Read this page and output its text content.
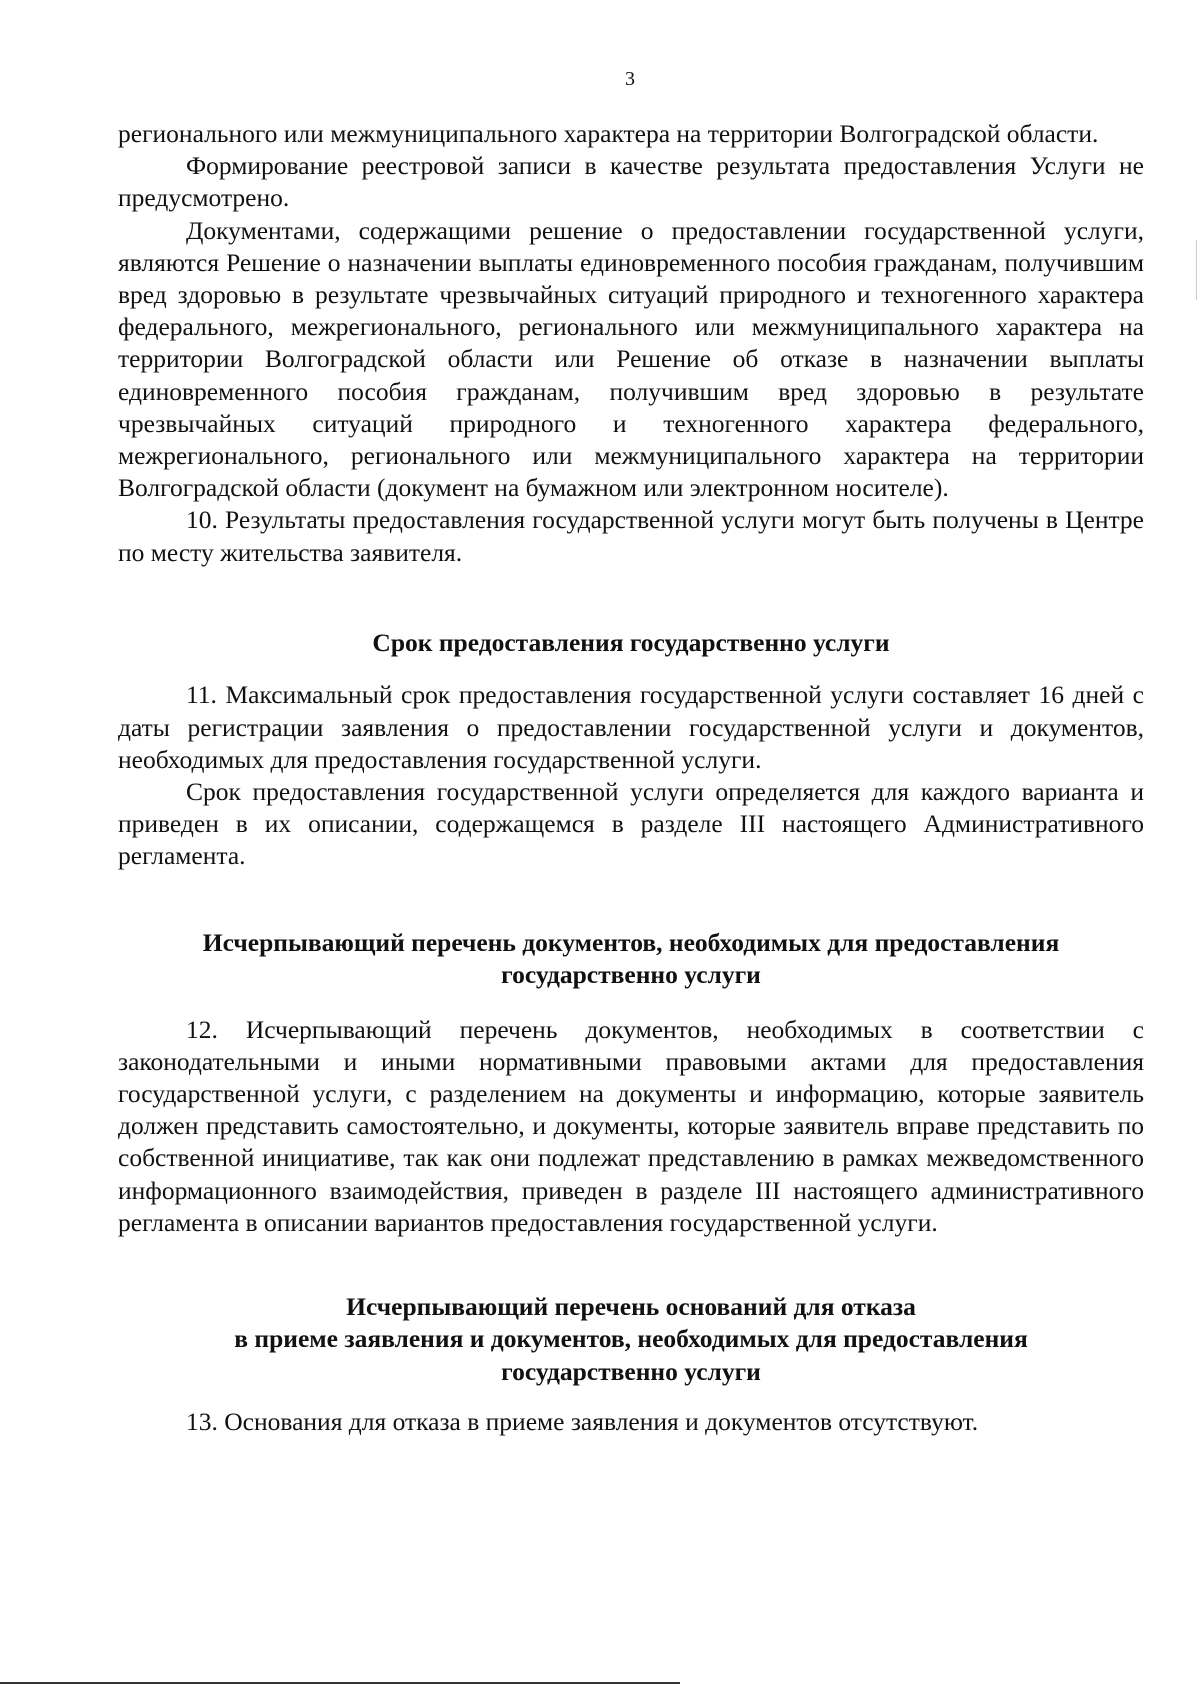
3

регионального или межмуниципального характера на территории Волгоградской области.

Формирование реестровой записи в качестве результата предоставления Услуги не предусмотрено.

Документами, содержащими решение о предоставлении государственной услуги, являются Решение о назначении выплаты единовременного пособия гражданам, получившим вред здоровью в результате чрезвычайных ситуаций природного и техногенного характера федерального, межрегионального, регионального или межмуниципального характера на территории Волгоградской области или Решение об отказе в назначении выплаты единовременного пособия гражданам, получившим вред здоровью в результате чрезвычайных ситуаций природного и техногенного характера федерального, межрегионального, регионального или межмуниципального характера на территории Волгоградской области (документ на бумажном или электронном носителе).

10. Результаты предоставления государственной услуги могут быть получены в Центре по месту жительства заявителя.

Срок предоставления государственно услуги

11. Максимальный срок предоставления государственной услуги составляет 16 дней с даты регистрации заявления о предоставлении государственной услуги и документов, необходимых для предоставления государственной услуги.

Срок предоставления государственной услуги определяется для каждого варианта и приведен в их описании, содержащемся в разделе III настоящего Административного регламента.

Исчерпывающий перечень документов, необходимых для предоставления
государственно услуги

12. Исчерпывающий перечень документов, необходимых в соответствии с законодательными и иными нормативными правовыми актами для предоставления государственной услуги, с разделением на документы и информацию, которые заявитель должен представить самостоятельно, и документы, которые заявитель вправе представить по собственной инициативе, так как они подлежат представлению в рамках межведомственного информационного взаимодействия, приведен в разделе III настоящего административного регламента в описании вариантов предоставления государственной услуги.

Исчерпывающий перечень оснований для отказа
в приеме заявления и документов, необходимых для предоставления
государственно услуги

13. Основания для отказа в приеме заявления и документов отсутствуют.
